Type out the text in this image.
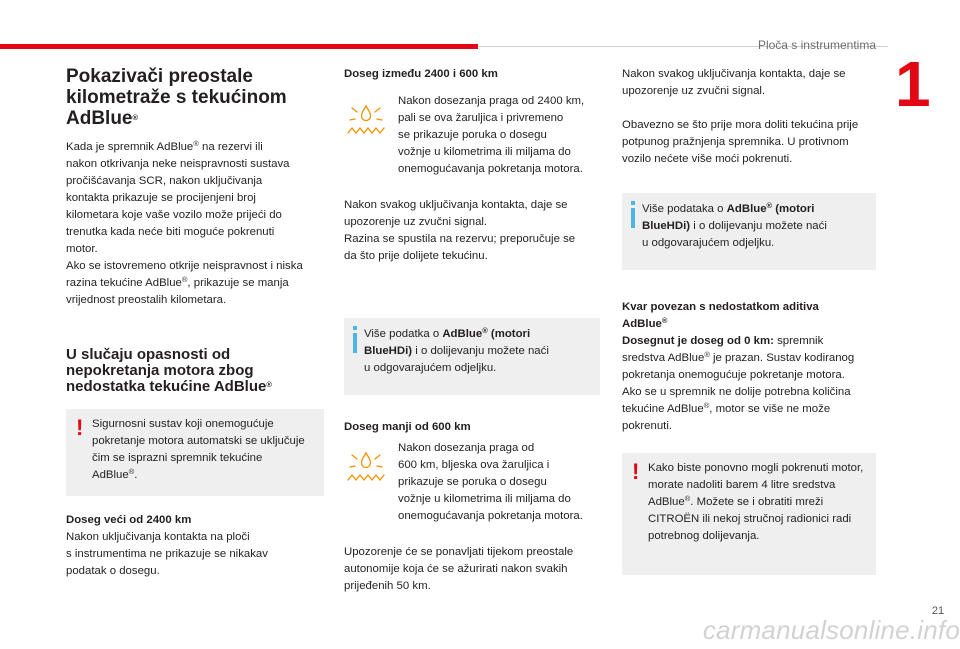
Ploča s instrumentima
1
Pokazivači preostale
kilometraže s tekućinom
AdBlue®

Kada je spremnik AdBlue® na rezervi ili
nakon otkrivanja neke neispravnosti sustava
pročišćavanja SCR, nakon uključivanja
kontakta prikazuje se procijenjeni broj
kilometara koje vaše vozilo može prijeći do
trenutka kada neće biti moguće pokrenuti
motor.
Ako se istovremeno otkrije neispravnost i niska
razina tekućine AdBlue®, prikazuje se manja
vrijednost preostalih kilometara.

U slučaju opasnosti od
nepokretanja motora zbog
nedostatka tekućine AdBlue®
! Sigurnosni sustav koji onemogućuje
pokretanje motora automatski se uključuje
čim se isprazni spremnik tekućine
AdBlue®.

Doseg veći od 2400 km

Nakon uključivanja kontakta na ploči
s instrumentima ne prikazuje se nikakav
podatak o dosegu.

Doseg između 2400 i 600 km

Nakon dosezanja praga od 2400 km,
pali se ova žaruljica i privremeno
se prikazuje poruka o dosegu
vožnje u kilometrima ili miljama do
onemogućavanja pokretanja motora.

Nakon svakog uključivanja kontakta, daje se
upozorenje uz zvučni signal.
Razina se spustila na rezervu; preporučuje se
da što prije dolijete tekućinu.

Više podatka o AdBlue® (motori
BlueHDi) i o dolijevanju možete naći
u odgovarajućem odjeljku.

Doseg manji od 600 km

Nakon dosezanja praga od
600 km, bljeska ova žaruljica i
prikazuje se poruka o dosegu
vožnje u kilometrima ili miljama do
onemogućavanja pokretanja motora.

Upozorenje će se ponavljati tijekom preostale
autonomije koja će se ažurirati nakon svakih
prijeđenih 50 km.

Nakon svakog uključivanja kontakta, daje se
upozorenje uz zvučni signal.

Obavezno se što prije mora doliti tekućina prije
potpunog pražnjenja spremnika. U protivnom
vozilo nećete više moći pokrenuti.

Više podataka o AdBlue® (motori
BlueHDi) i o dolijevanju možete naći
u odgovarajućem odjeljku.

Kvar povezan s nedostatkom aditiva
AdBlue®

Dosegnut je doseg od 0 km: spremnik
sredstva AdBlue® je prazan. Sustav kodiranog
pokretanja onemogućuje pokretanje motora.
Ako se u spremnik ne dolije potrebna količina
tekućine AdBlue®, motor se više ne može
pokrenuti.

! Kako biste ponovno mogli pokrenuti motor,
morate nadoliti barem 4 litre sredstva
AdBlue®. Možete se i obratiti mreži
CITROËN ili nekoj stručnoj radionici radi
potrebnog dolijevanja.

21
carmanualsonline.info
